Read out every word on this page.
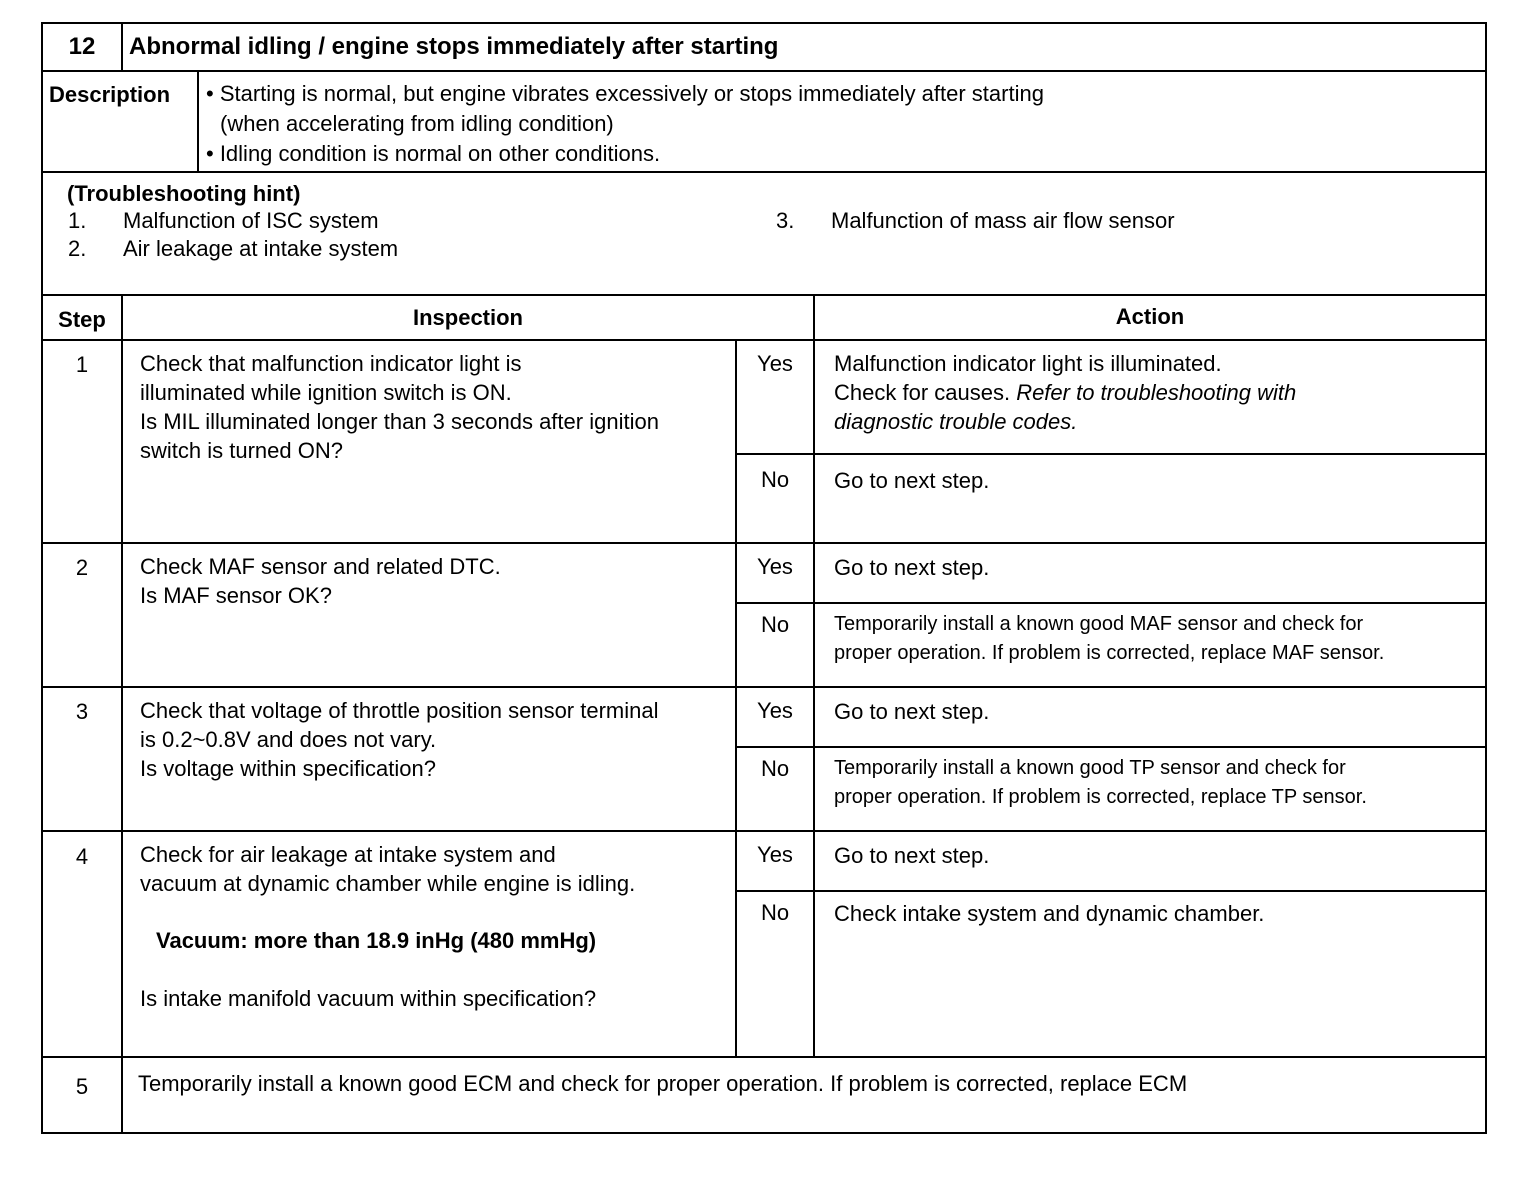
12	Abnormal idling / engine stops immediately after starting
Description • Starting is normal, but engine vibrates excessively or stops immediately after starting
(when accelerating from idling condition)
• Idling condition is normal on other conditions.
(Troubleshooting hint)
1. Malfunction of ISC system
2. Air leakage at intake system
3. Malfunction of mass air flow sensor
Step	Inspection	Action
1	Check that malfunction indicator light is
illuminated while ignition switch is ON.
Is MIL illuminated longer than 3 seconds after ignition
switch is turned ON?
Yes	Malfunction indicator light is illuminated.
Check for causes. Refer to troubleshooting with
diagnostic trouble codes.
No	Go to next step.
2	Check MAF sensor and related DTC.
Is MAF sensor OK?
Yes	Go to next step.
No	Temporarily install a known good MAF sensor and check for
proper operation. If problem is corrected, replace MAF sensor.
3	Check that voltage of throttle position sensor terminal
is 0.2~0.8V and does not vary.
Is voltage within specification?
Yes	Go to next step.
No	Temporarily install a known good TP sensor and check for
proper operation. If problem is corrected, replace TP sensor.
4	Check for air leakage at intake system and
vacuum at dynamic chamber while engine is idling.
Vacuum: more than 18.9 inHg (480 mmHg)
Is intake manifold vacuum within specification?
Yes	Go to next step.
No	Check intake system and dynamic chamber.
5	Temporarily install a known good ECM and check for proper operation. If problem is corrected, replace ECM
